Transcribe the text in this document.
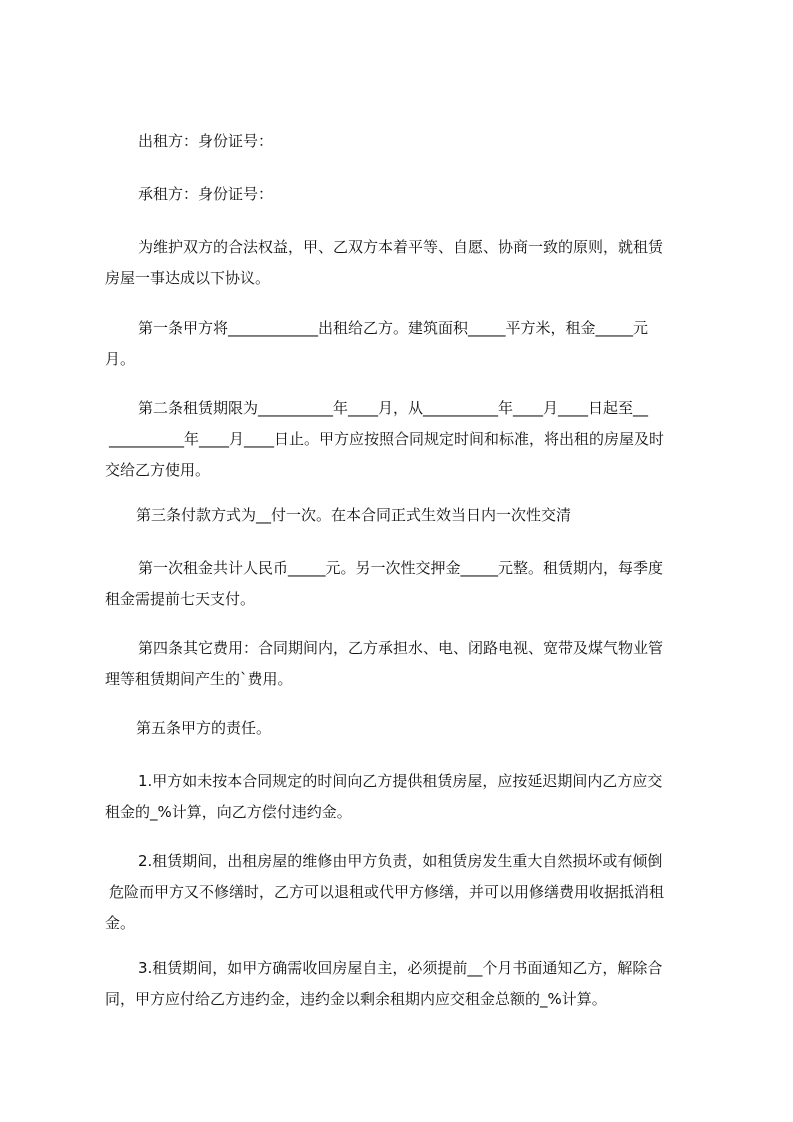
出租方：身份证号：

承租方：身份证号：

为维护双方的合法权益，甲、乙双方本着平等、自愿、协商一致的原则，就租赁
房屋一事达成以下协议。

第一条甲方将____________出租给乙方。建筑面积_____平方米，租金_____元
月。

第二条租赁期限为__________年____月，从__________年____月____日起至__
__________年____月____日止。甲方应按照合同规定时间和标准，将出租的房屋及时
交给乙方使用。

第三条付款方式为__付一次。在本合同正式生效当日内一次性交清

第一次租金共计人民币_____元。另一次性交押金_____元整。租赁期内，每季度
租金需提前七天支付。

第四条其它费用：合同期间内，乙方承担水、电、闭路电视、宽带及煤气物业管
理等租赁期间产生的`费用。

第五条甲方的责任。

1.甲方如未按本合同规定的时间向乙方提供租赁房屋，应按延迟期间内乙方应交
租金的_%计算，向乙方偿付违约金。

2.租赁期间，出租房屋的维修由甲方负责，如租赁房发生重大自然损坏或有倾倒
危险而甲方又不修缮时，乙方可以退租或代甲方修缮，并可以用修缮费用收据抵消租
金。

3.租赁期间，如甲方确需收回房屋自主，必须提前__个月书面通知乙方，解除合
同，甲方应付给乙方违约金，违约金以剩余租期内应交租金总额的_%计算。
